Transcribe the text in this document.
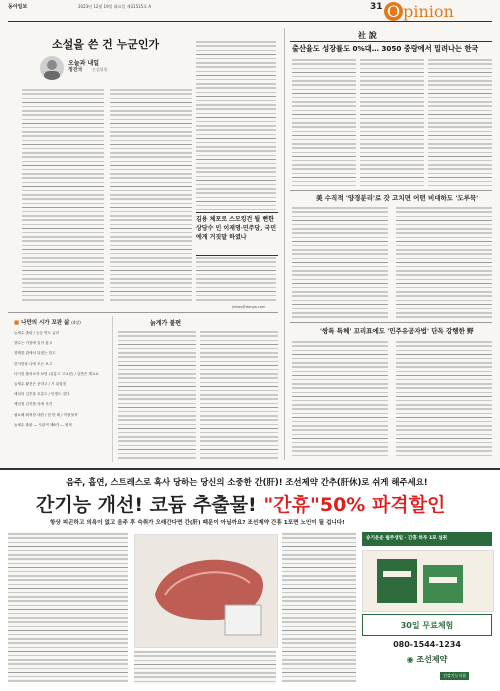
동아일보	2023년 12월 19일 화요일 제31515호 A	31 O pinion
소설을 쓴 건 누군인가
오늘과 내일
정진국 논설위원
김용 체포로 스모킹건 될 뻔한 상당수 인 이재명·민주당, 국민에게 거짓말 하였나
jinkoo@donga.com
社 說
출산율도 성장률도 0%대… 3050 중랑에서 밀려나는 한국
美 수직적 '양경분리'로 갓 고치면 어떤 비대하도 '도루묵'
'쌍특 특혜' 꼬리표에도 '민주유공자법' 단독 강행한 野
■ 나만의 시가 꼬판 삶 (4장)
늘세수 출판 / 등등 연도 글리
향수는 가장에 일이 붐고
향태를 뭐에서 뒤짚는 함고
한사랑을 나에 모든 보고
다시한 출의보자 보텀 (유흥고 고교문) / 일반은 계교요
늘세수 활전은 문하고 / 기 위험점
매일의 김후을 호흥도 / 인명도 것다
제일정 김룩를 의에 사건
필요해 휘져장 대한 / 한 번 휘 / 아뜰물씨
늘세수 출판 — 사관적 제6각 — 원작
늙게가 붙편
음주, 흡연, 스트레스로 혹사 당하는 당신의 소중한 간(肝)! 조선제약 간추(肝休)로 쉬게 해주세요!
간기능 개선! 코듐 추출물! "간휴"50% 파격할인
항상 피곤하고 의욕이 없고 음주 후 숙취가 오래간다면 간(肝) 때문이 아닐까요? 조선제약 간휴 1포면 노인이 될 겁니다!
송기운운 월주생일 · 간휴 하루 1포 섭취
30일 무료체험
080-1544-1234
◉ 조선제약
건강기능식품
